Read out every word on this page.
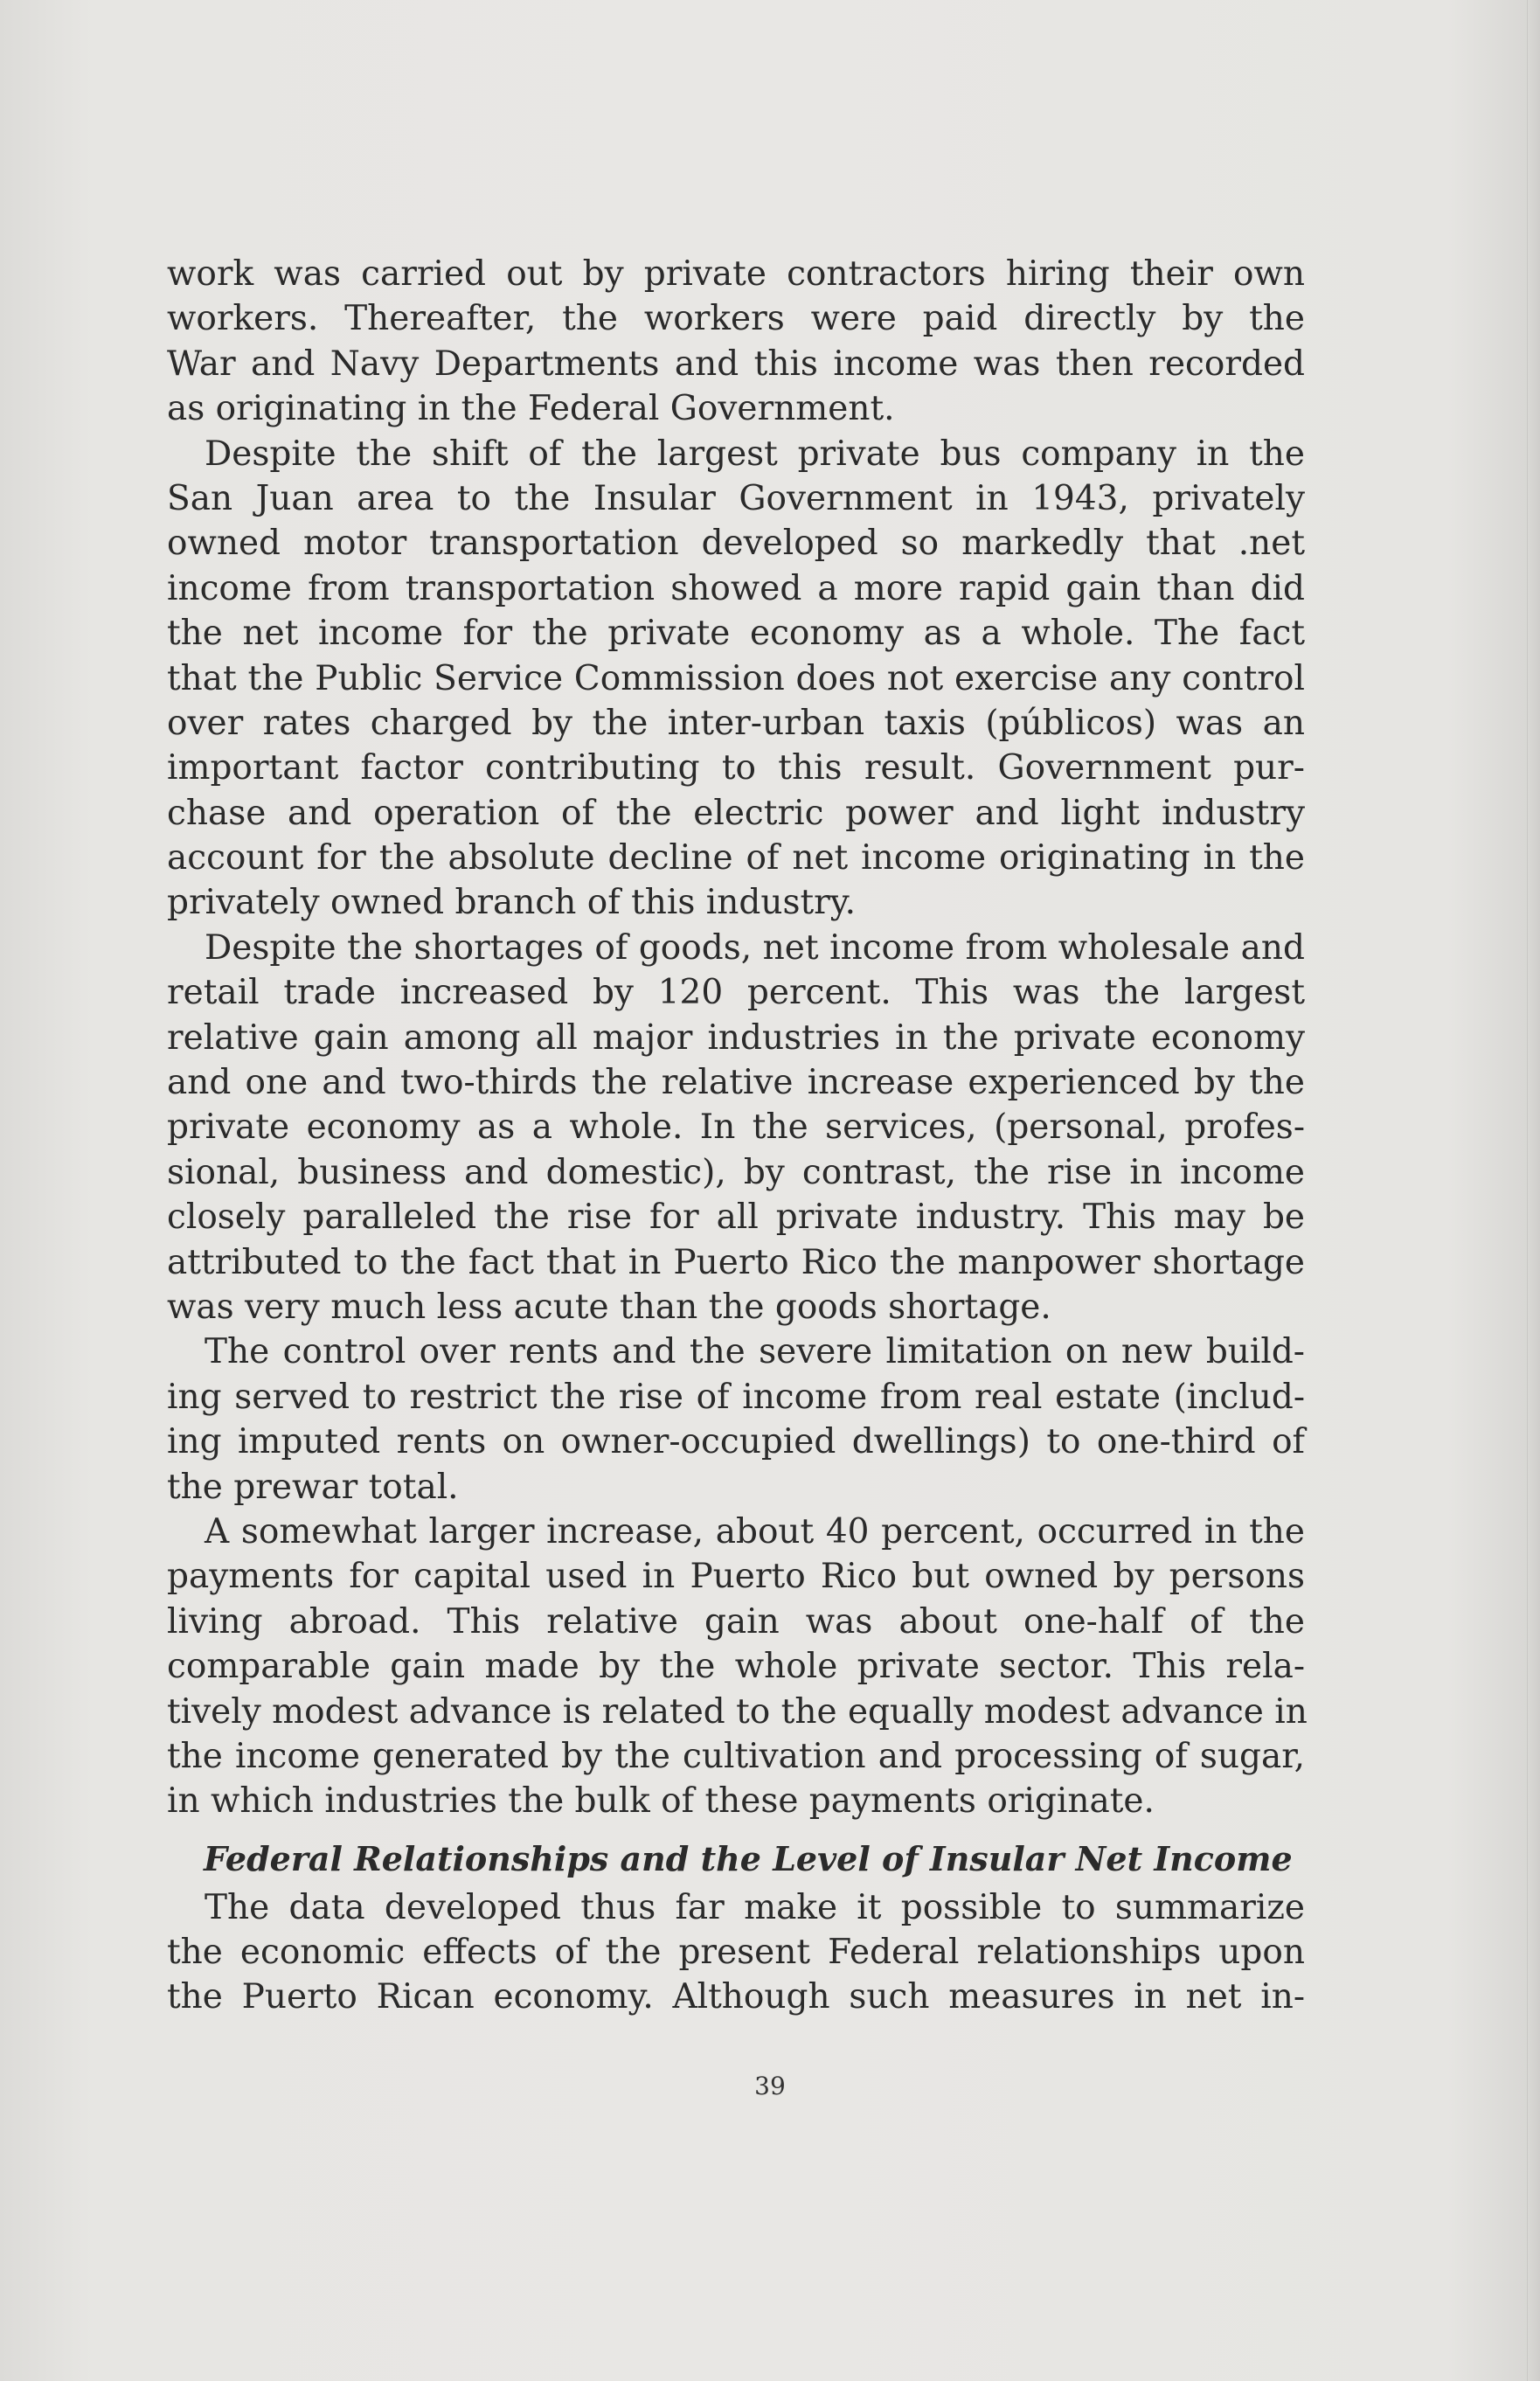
work was carried out by private contractors hiring their own
workers. Thereafter, the workers were paid directly by the
War and Navy Departments and this income was then recorded
as originating in the Federal Government.
Despite the shift of the largest private bus company in the
San Juan area to the Insular Government in 1943, privately
owned motor transportation developed so markedly that .net
income from transportation showed a more rapid gain than did
the net income for the private economy as a whole. The fact
that the Public Service Commission does not exercise any control
over rates charged by the inter-urban taxis (públicos) was an
important factor contributing to this result. Government pur-
chase and operation of the electric power and light industry
account for the absolute decline of net income originating in the
privately owned branch of this industry.
Despite the shortages of goods, net income from wholesale and
retail trade increased by 120 percent. This was the largest
relative gain among all major industries in the private economy
and one and two-thirds the relative increase experienced by the
private economy as a whole. In the services, (personal, profes-
sional, business and domestic), by contrast, the rise in income
closely paralleled the rise for all private industry. This may be
attributed to the fact that in Puerto Rico the manpower shortage
was very much less acute than the goods shortage.
The control over rents and the severe limitation on new build-
ing served to restrict the rise of income from real estate (includ-
ing imputed rents on owner-occupied dwellings) to one-third of
the prewar total.
A somewhat larger increase, about 40 percent, occurred in the
payments for capital used in Puerto Rico but owned by persons
living abroad. This relative gain was about one-half of the
comparable gain made by the whole private sector. This rela-
tively modest advance is related to the equally modest advance in
the income generated by the cultivation and processing of sugar,
in which industries the bulk of these payments originate.
Federal Relationships and the Level of Insular Net Income
The data developed thus far make it possible to summarize
the economic effects of the present Federal relationships upon
the Puerto Rican economy. Although such measures in net in-
39
